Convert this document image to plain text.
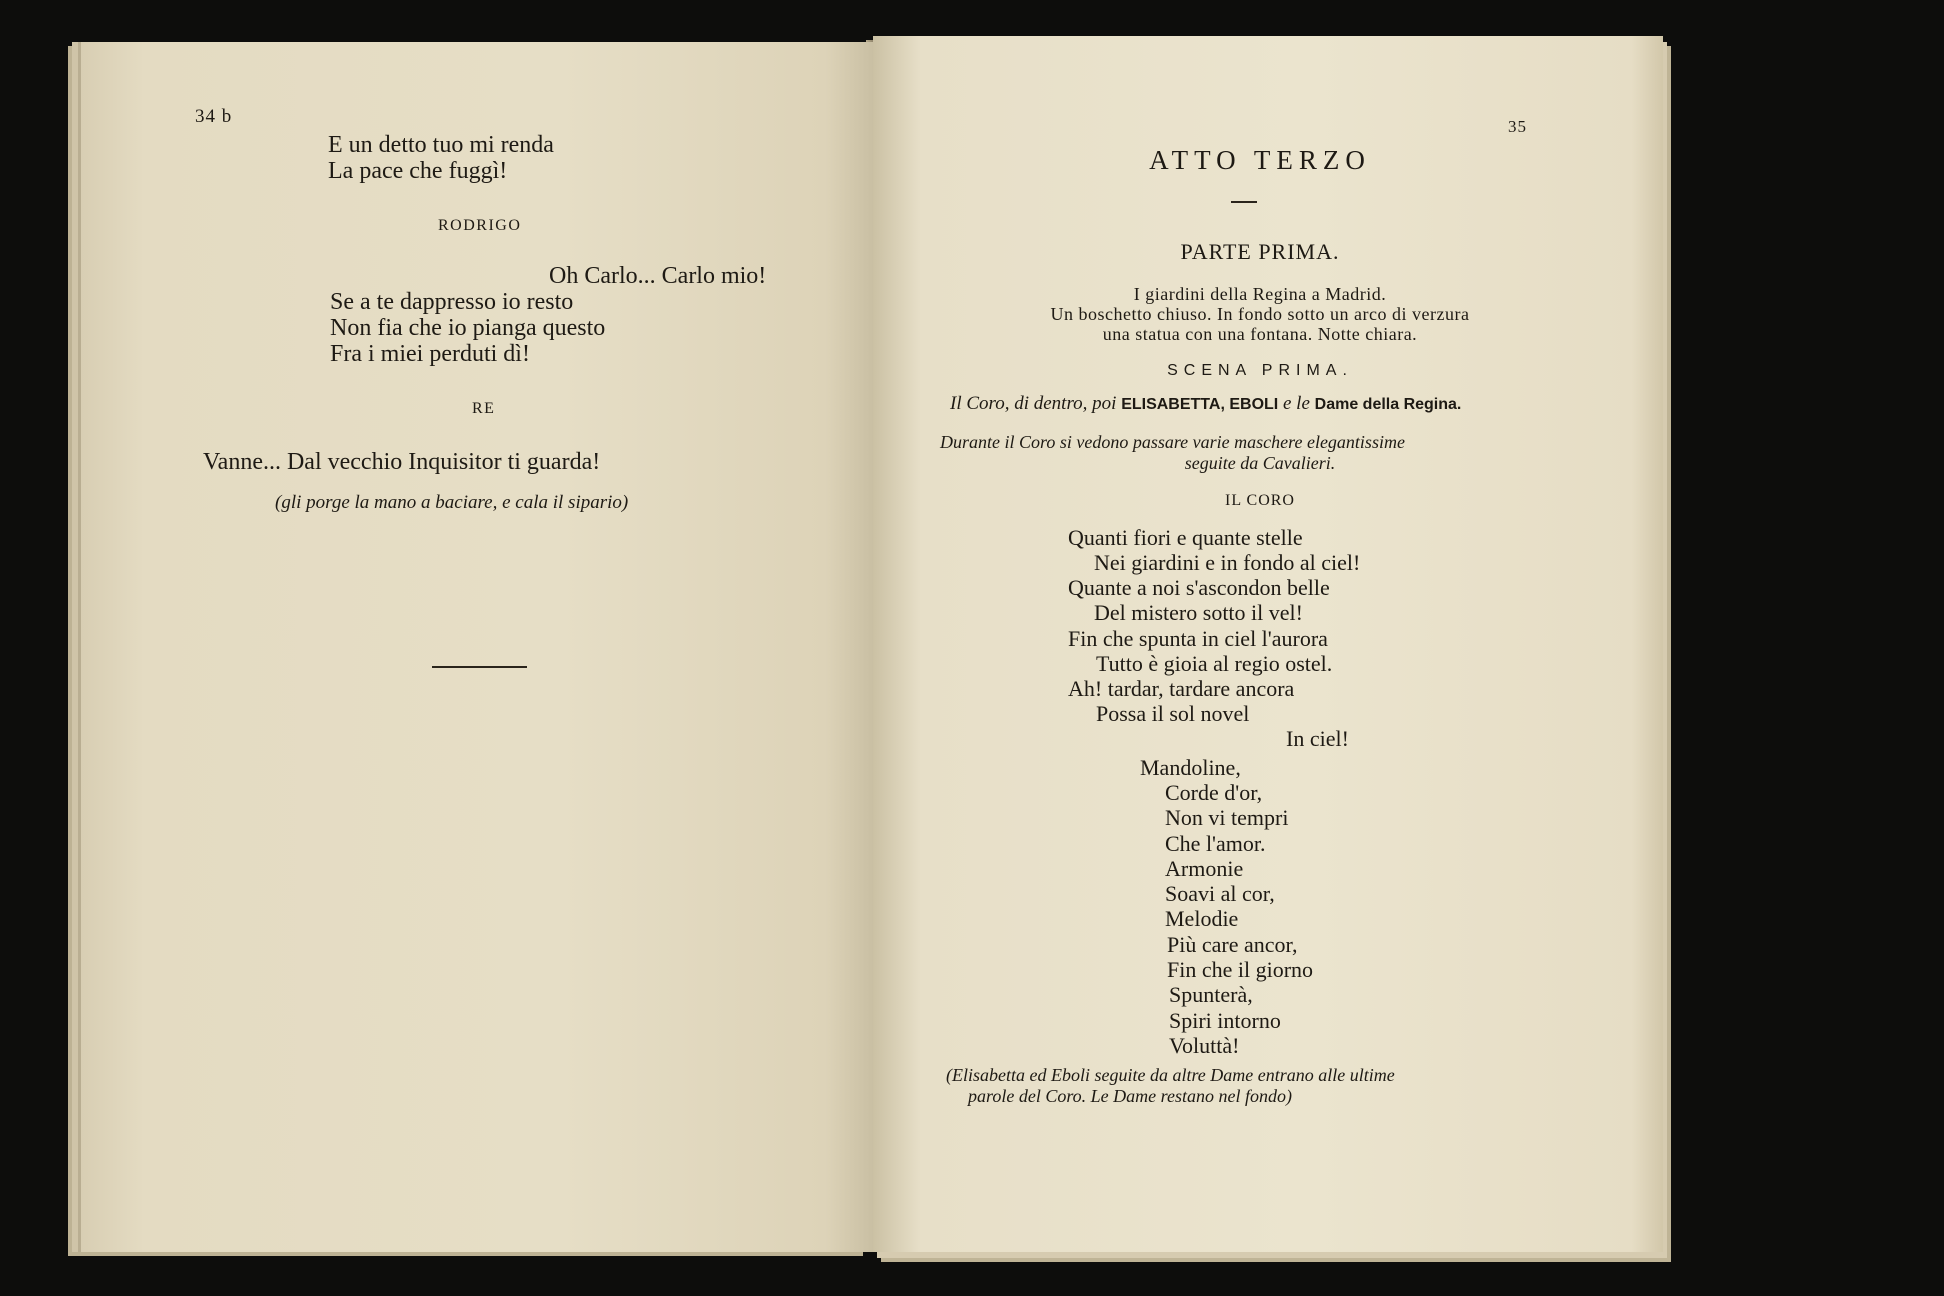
34 b
E un detto tuo mi renda
La pace che fuggì!
RODRIGO
Oh Carlo... Carlo mio!
Se a te dappresso io resto
Non fia che io pianga questo
Fra i miei perduti dì!
RE
Vanne... Dal vecchio Inquisitor ti guarda!
(gli porge la mano a baciare, e cala il sipario)
35
ATTO TERZO
PARTE PRIMA.
I giardini della Regina a Madrid.
Un boschetto chiuso. In fondo sotto un arco di verzura
una statua con una fontana. Notte chiara.
SCENA PRIMA.
Il Coro, di dentro, poi ELISABETTA, EBOLI e le Dame della Regina.
Durante il Coro si vedono passare varie maschere elegantissime
seguite da Cavalieri.
IL CORO
Quanti fiori e quante stelle
Nei giardini e in fondo al ciel!
Quante a noi s'ascondon belle
Del mistero sotto il vel!
Fin che spunta in ciel l'aurora
Tutto è gioia al regio ostel.
Ah! tardar, tardare ancora
Possa il sol novel
In ciel!
Mandoline,
Corde d'or,
Non vi tempri
Che l'amor.
Armonie
Soavi al cor,
Melodie
Più care ancor,
Fin che il giorno
Spunterà,
Spiri intorno
Voluttà!
(Elisabetta ed Eboli seguite da altre Dame entrano alle ultime
parole del Coro. Le Dame restano nel fondo)
